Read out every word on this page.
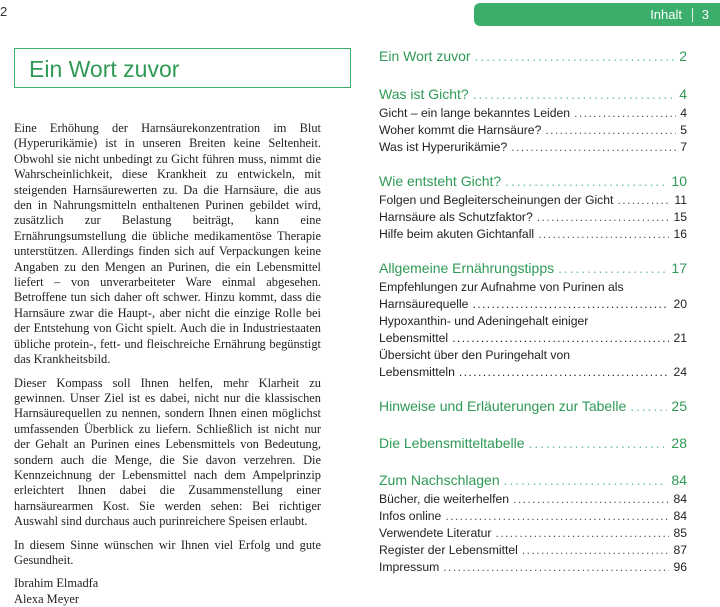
2	Inhalt 3
Ein Wort zuvor

Eine Erhöhung der Harnsäurekonzentration im Blut (Hyperurikämie) ist in unseren Breiten keine Seltenheit. Obwohl sie nicht unbedingt zu Gicht führen muss, nimmt die Wahrscheinlichkeit, diese Krankheit zu entwickeln, mit steigenden Harnsäurewerten zu. Da die Harnsäure, die aus den in Nahrungsmitteln enthaltenen Purinen gebildet wird, zusätzlich zur Belastung beiträgt, kann eine Ernährungsumstellung die übliche medikamentöse Therapie unterstützen. Allerdings finden sich auf Verpackungen keine Angaben zu den Mengen an Purinen, die ein Lebensmittel liefert – von unverarbeiteter Ware einmal abgesehen. Betroffene tun sich daher oft schwer. Hinzu kommt, dass die Harnsäure zwar die Haupt-, aber nicht die einzige Rolle bei der Entstehung von Gicht spielt. Auch die in Industriestaaten übliche protein-, fett- und fleischreiche Ernährung begünstigt das Krankheitsbild.

Dieser Kompass soll Ihnen helfen, mehr Klarheit zu gewinnen. Unser Ziel ist es dabei, nicht nur die klassischen Harnsäurequellen zu nennen, sondern Ihnen einen möglichst umfassenden Überblick zu liefern. Schließlich ist nicht nur der Gehalt an Purinen eines Lebensmittels von Bedeutung, sondern auch die Menge, die Sie davon verzehren. Die Kennzeichnung der Lebensmittel nach dem Ampelprinzip erleichtert Ihnen dabei die Zusammenstellung einer harnsäurearmen Kost. Sie werden sehen: Bei richtiger Auswahl sind durchaus auch purinreichere Speisen erlaubt.

In diesem Sinne wünschen wir Ihnen viel Erfolg und gute Gesundheit.

Ibrahim Elmadfa

Alexa Meyer

Ein Wort zuvor . . .	2
Was ist Gicht? . . .	4
Gicht – ein lange bekanntes Leiden . . .	4
Woher kommt die Harnsäure? . . .	5
Was ist Hyperurikämie? . . .	7
Wie entsteht Gicht? . . .	10
Folgen und Begleiterscheinungen der Gicht . . .	11
Harnsäure als Schutzfaktor? . . .	15
Hilfe beim akuten Gichtanfall . . .	16
Allgemeine Ernährungstipps . . .	17
Empfehlungen zur Aufnahme von Purinen als
Harnsäurequelle . . .	20
Hypoxanthin- und Adeningehalt einiger
Lebensmittel . . .	21
Übersicht über den Puringehalt von
Lebensmitteln . . .	24
Hinweise und Erläuterungen zur Tabelle . . .	25
Die Lebensmitteltabelle . . .	28
Zum Nachschlagen . . .	84
Bücher, die weiterhelfen . . .	84
Infos online . . .	84
Verwendete Literatur . . .	85
Register der Lebensmittel . . .	87
Impressum . . .	96
